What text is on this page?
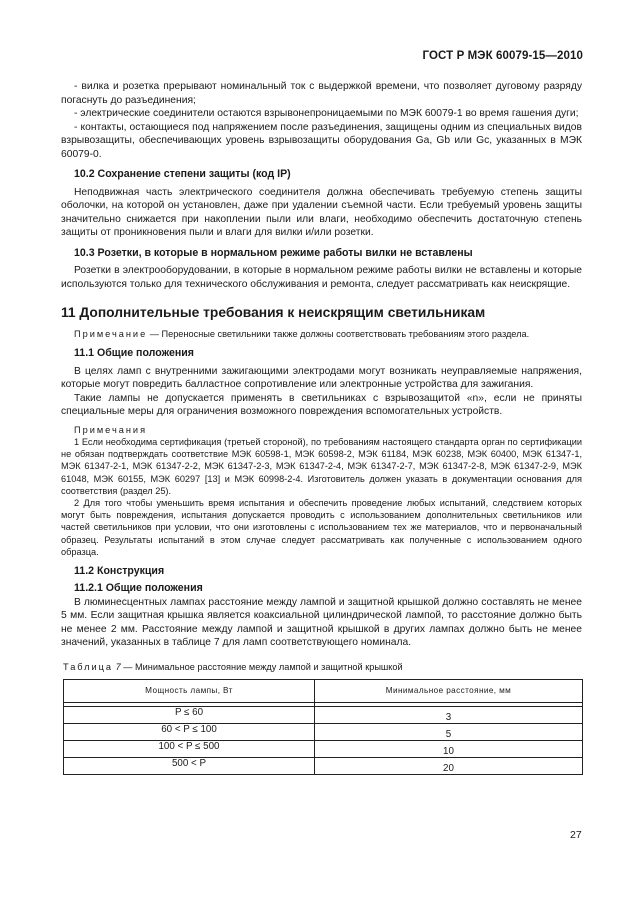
ГОСТ Р МЭК 60079-15—2010

- вилка и розетка прерывают номинальный ток с выдержкой времени, что позволяет дуговому разряду погаснуть до разъединения;

- электрические соединители остаются взрывонепроницаемыми по МЭК 60079-1 во время гашения дуги;

- контакты, остающиеся под напряжением после разъединения, защищены одним из специальных видов взрывозащиты, обеспечивающих уровень взрывозащиты оборудования Ga, Gb или Gc, указанных в МЭК 60079-0.

10.2 Сохранение степени защиты (код IP)

Неподвижная часть электрического соединителя должна обеспечивать требуемую степень защиты оболочки, на которой он установлен, даже при удалении съемной части. Если требуемый уровень защиты значительно снижается при накоплении пыли или влаги, необходимо обеспечить достаточную степень защиты от проникновения пыли и влаги для вилки и/или розетки.

10.3 Розетки, в которые в нормальном режиме работы вилки не вставлены

Розетки в электрооборудовании, в которые в нормальном режиме работы вилки не вставлены и которые используются только для технического обслуживания и ремонта, следует рассматривать как неискрящие.

11 Дополнительные требования к неискрящим светильникам

Примечание — Переносные светильники также должны соответствовать требованиям этого раздела.

11.1 Общие положения

В целях ламп с внутренними зажигающими электродами могут возникать неуправляемые напряжения, которые могут повредить балластное сопротивление или электронные устройства для зажигания.

Такие лампы не допускается применять в светильниках с взрывозащитой «n», если не приняты специальные меры для ограничения возможного повреждения вспомогательных устройств.

Примечания

1 Если необходима сертификация (третьей стороной), по требованиям настоящего стандарта орган по сертификации не обязан подтверждать соответствие МЭК 60598-1, МЭК 60598-2, МЭК 61184, МЭК 60238, МЭК 60400, МЭК 61347-1, МЭК 61347-2-1, МЭК 61347-2-2, МЭК 61347-2-3, МЭК 61347-2-4, МЭК 61347-2-7, МЭК 61347-2-8, МЭК 61347-2-9, МЭК 61048, МЭК 60155, МЭК 60297 [13] и МЭК 60998-2-4. Изготовитель должен указать в документации основания для соответствия (раздел 25).

2 Для того чтобы уменьшить время испытания и обеспечить проведение любых испытаний, следствием которых могут быть повреждения, испытания допускается проводить с использованием дополнительных светильников или частей светильников при условии, что они изготовлены с использованием тех же материалов, что и первоначальный образец. Результаты испытаний в этом случае следует рассматривать как полученные с использованием одного образца.

11.2 Конструкция
11.2.1 Общие положения

В люминесцентных лампах расстояние между лампой и защитной крышкой должно составлять не менее 5 мм. Если защитная крышка является коаксиальной цилиндрической лампой, то расстояние должно быть не менее 2 мм. Расстояние между лампой и защитной крышкой в других лампах должно быть не менее значений, указанных в таблице 7 для ламп соответствующего номинала.

Таблица 7 — Минимальное расстояние между лампой и защитной крышкой
Мощность лампы, Вт	Минимальное расстояние, мм

P ≤ 60	3
60 < P ≤ 100	5
100 < P ≤ 500	10
500 < P	20
27
